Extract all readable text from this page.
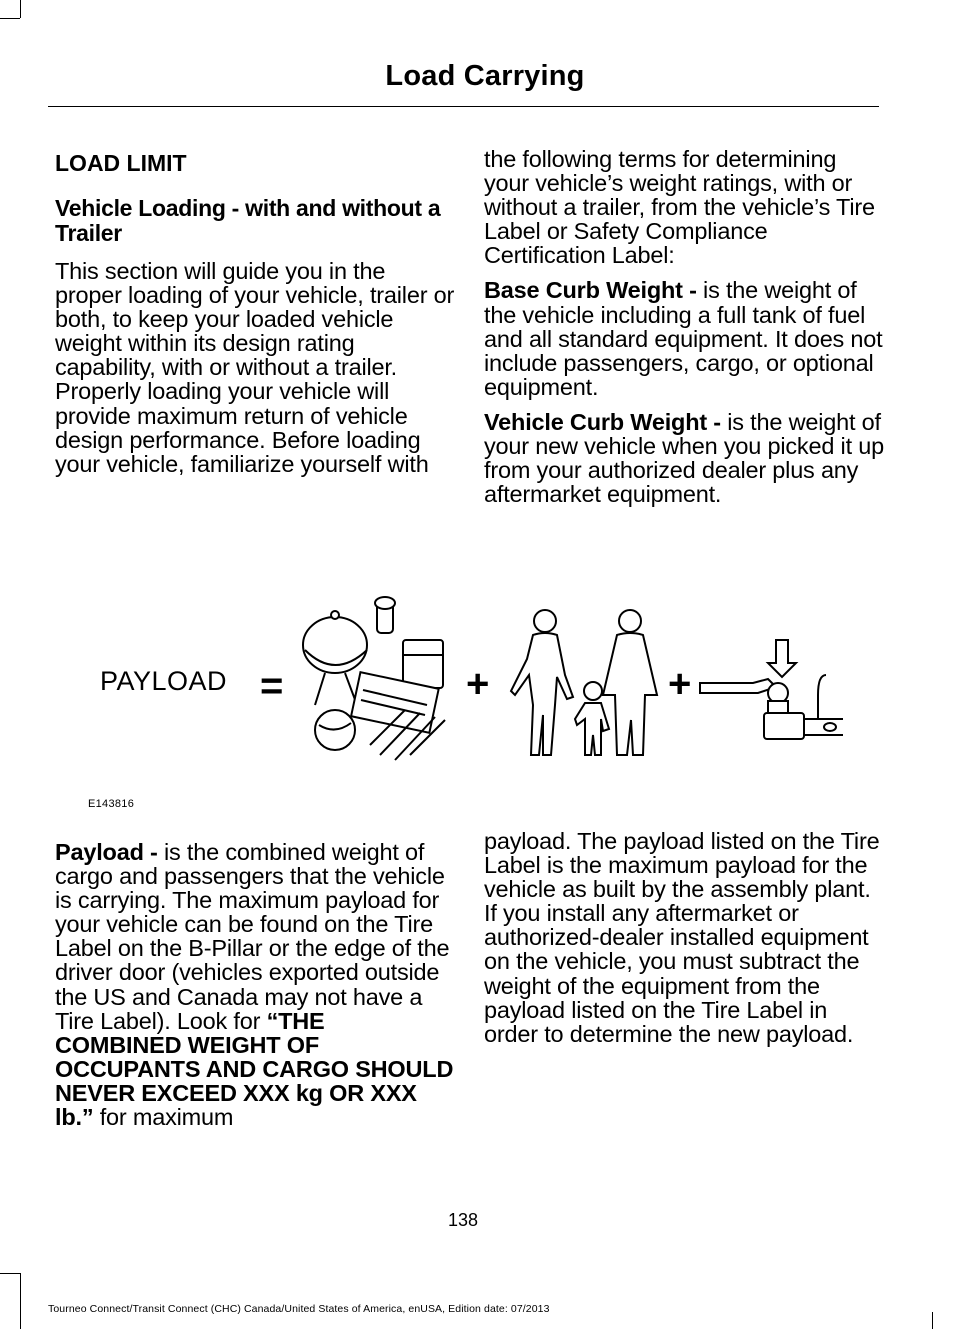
Load Carrying

LOAD LIMIT

Vehicle Loading - with and without a Trailer

This section will guide you in the proper loading of your vehicle, trailer or both, to keep your loaded vehicle weight within its design rating capability, with or without a trailer. Properly loading your vehicle will provide maximum return of vehicle design performance. Before loading your vehicle, familiarize yourself with

the following terms for determining your vehicle’s weight ratings, with or without a trailer, from the vehicle’s Tire Label or Safety Compliance Certification Label:

Base Curb Weight - is the weight of the vehicle including a full tank of fuel and all standard equipment. It does not include passengers, cargo, or optional equipment.

Vehicle Curb Weight - is the weight of your new vehicle when you picked it up from your authorized dealer plus any aftermarket equipment.

PAYLOAD =	+	+
E143816

Payload - is the combined weight of cargo and passengers that the vehicle is carrying. The maximum payload for your vehicle can be found on the Tire Label on the B-Pillar or the edge of the driver door (vehicles exported outside the US and Canada may not have a Tire Label). Look for “THE COMBINED WEIGHT OF OCCUPANTS AND CARGO SHOULD NEVER EXCEED XXX kg OR XXX lb.” for maximum

payload. The payload listed on the Tire Label is the maximum payload for the vehicle as built by the assembly plant. If you install any aftermarket or authorized-dealer installed equipment on the vehicle, you must subtract the weight of the equipment from the payload listed on the Tire Label in order to determine the new payload.

138
Tourneo Connect/Transit Connect (CHC) Canada/United States of America, enUSA, Edition date: 07/2013
